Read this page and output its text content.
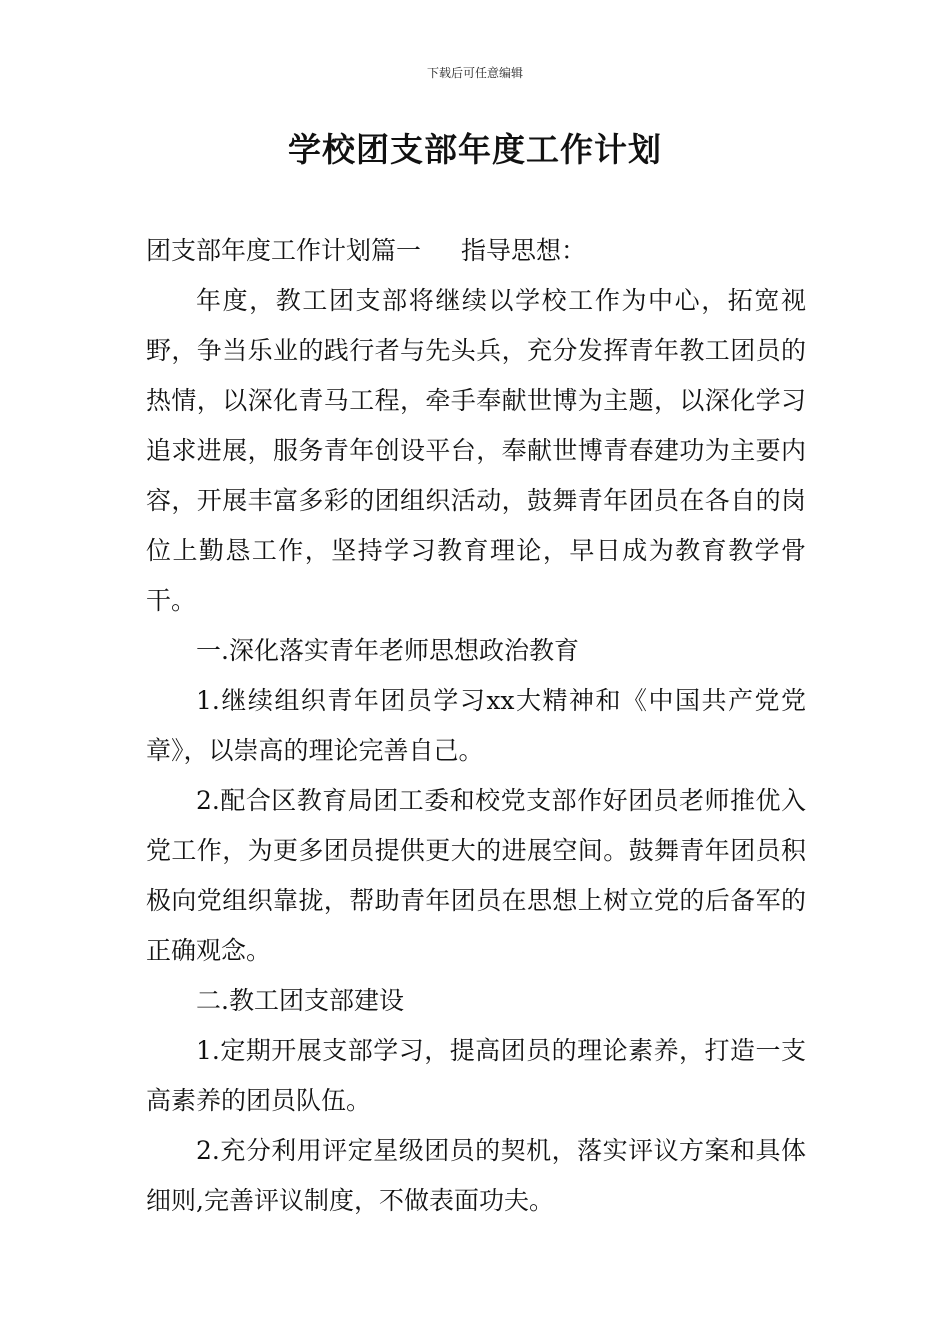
下载后可任意编辑
学校团支部年度工作计划

团支部年度工作计划篇一 指导思想：

年度，教工团支部将继续以学校工作为中心，拓宽视野，争当乐业的践行者与先头兵，充分发挥青年教工团员的热情，以深化青马工程，牵手奉献世博为主题，以深化学习追求进展，服务青年创设平台，奉献世博青春建功为主要内容，开展丰富多彩的团组织活动，鼓舞青年团员在各自的岗位上勤恳工作，坚持学习教育理论，早日成为教育教学骨干。

一.深化落实青年老师思想政治教育

1.继续组织青年团员学习xx大精神和《中国共产党党章》，以崇高的理论完善自己。

2.配合区教育局团工委和校党支部作好团员老师推优入党工作，为更多团员提供更大的进展空间。鼓舞青年团员积极向党组织靠拢，帮助青年团员在思想上树立党的后备军的正确观念。

二.教工团支部建设

1.定期开展支部学习，提高团员的理论素养，打造一支高素养的团员队伍。

2.充分利用评定星级团员的契机，落实评议方案和具体细则,完善评议制度，不做表面功夫。
